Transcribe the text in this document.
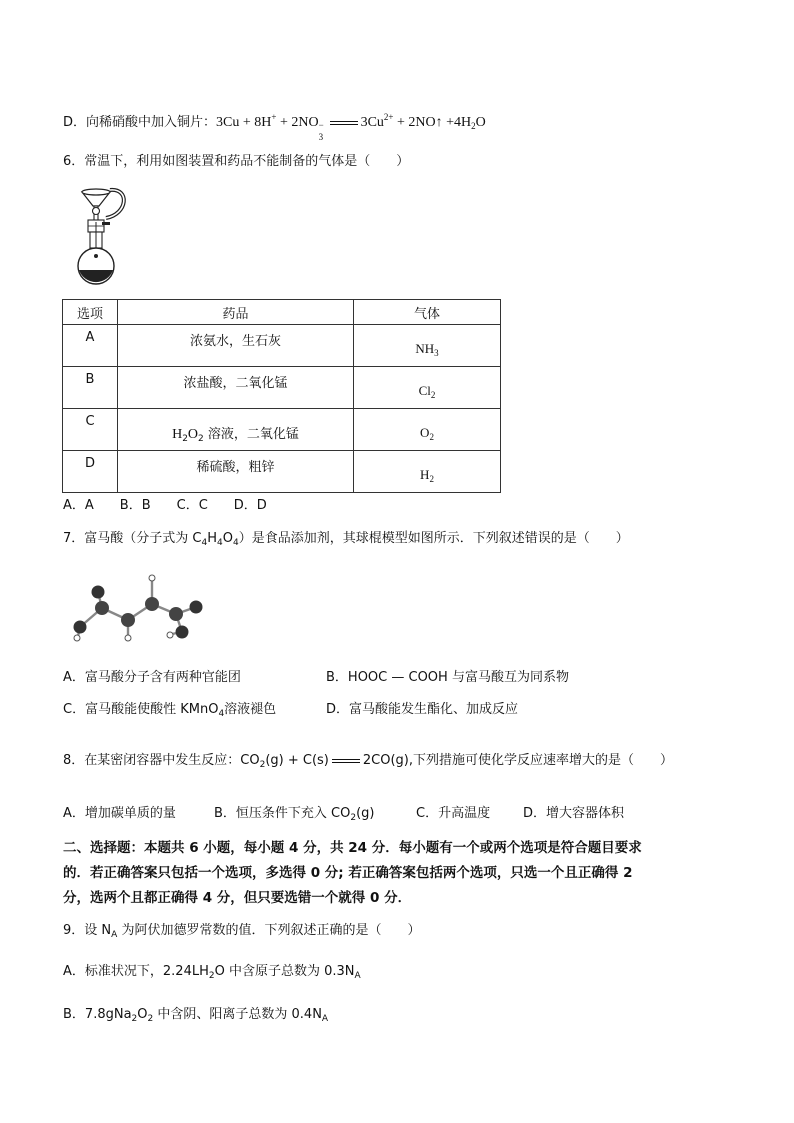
D．向稀硝酸中加入铜片：3Cu + 8H+ + 2NO −
3
$3Cu^{2+}$ + 2NO↑ $+4H_2O$
6．常温下，利用如图装置和药品不能制备的气体是（　　）
选项	药品	气体
A	浓氨水，生石灰	$NH_3$
B	浓盐酸，二氧化锰	$Cl_2$
C	$H_2O_2$ 溶液，二氧化锰	$O_2$
D	稀硫酸，粗锌	$H_2$
A．A　　B．B　　C．C　　D．D
7．富马酸（分子式为 $C_4H_4O_4$）是食品添加剂，其球棍模型如图所示．下列叙述错误的是（　　）
A．富马酸分子含有两种官能团	B．HOOC — COOH 与富马酸互为同系物
C．富马酸能使酸性 KMnO$_4$溶液褪色	D．富马酸能发生酯化、加成反应
8．在某密闭容器中发生反应：$CO_2(g) + C(s)$	2CO(g),下列措施可使化学反应速率增大的是（　　）
A．增加碳单质的量	B．恒压条件下充入 $CO_2(g)$	C．升高温度	D．增大容器体积
二、选择题：本题共 6 小题，每小题 4 分，共 24 分．每小题有一个或两个选项是符合题目要求
的．若正确答案只包括一个选项，多选得 0 分; 若正确答案包括两个选项，只选一个且正确得 2
分，选两个且都正确得 4 分，但只要选错一个就得 0 分．
9．设 $N_A$ 为阿伏加德罗常数的值．下列叙述正确的是（　　）
A．标准状况下，$2.24LH_2O$ 中含原子总数为 $0.3N_A$
B．$7.8gNa_2O_2$ 中含阴、阳离子总数为 $0.4N_A$
